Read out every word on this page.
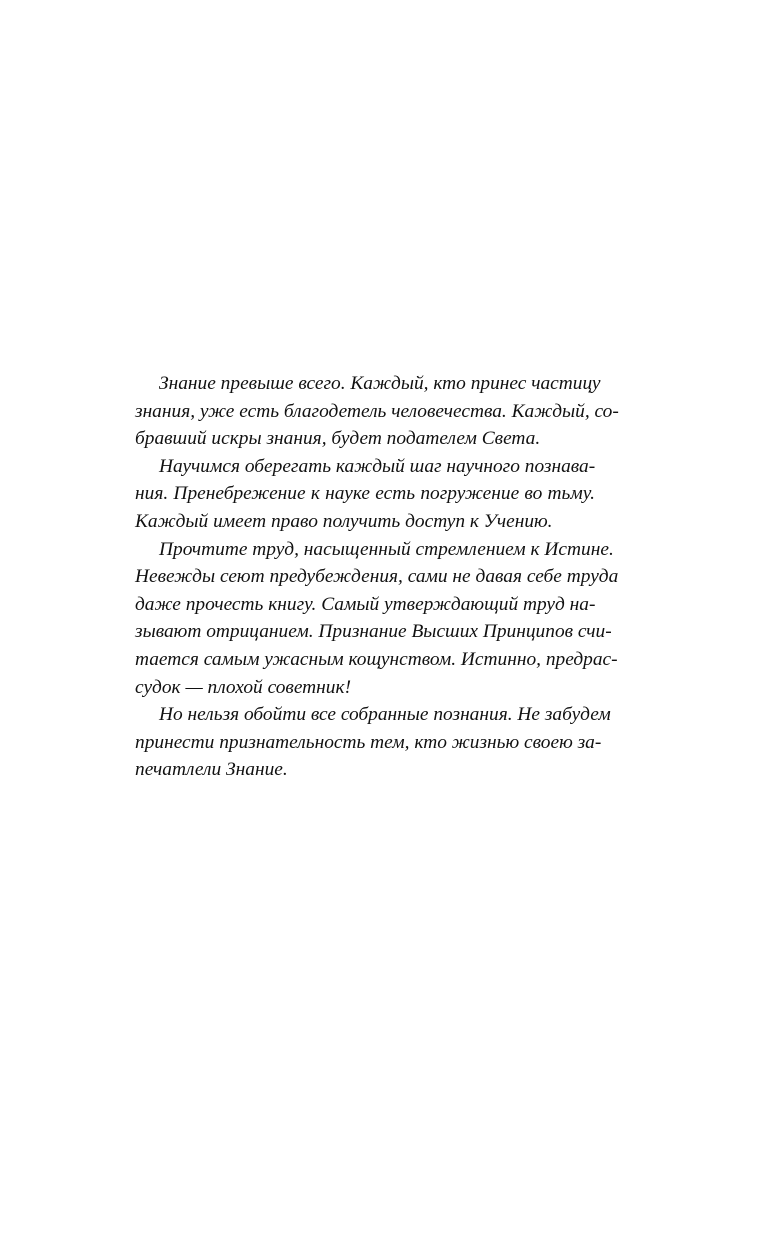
Знание превыше всего. Каждый, кто принес частицу
знания, уже есть благодетель человечества. Каждый, со-
бравший искры знания, будет подателем Света.
Научимся оберегать каждый шаг научного познава-
ния. Пренебрежение к науке есть погружение во тьму.
Каждый имеет право получить доступ к Учению.
Прочтите труд, насыщенный стремлением к Истине.
Невежды сеют предубеждения, сами не давая себе труда
даже прочесть книгу. Самый утверждающий труд на-
зывают отрицанием. Признание Высших Принципов счи-
тается самым ужасным кощунством. Истинно, предрас-
судок — плохой советник!
Но нельзя обойти все собранные познания. Не забудем
принести признательность тем, кто жизнью своею за-
печатлели Знание.
